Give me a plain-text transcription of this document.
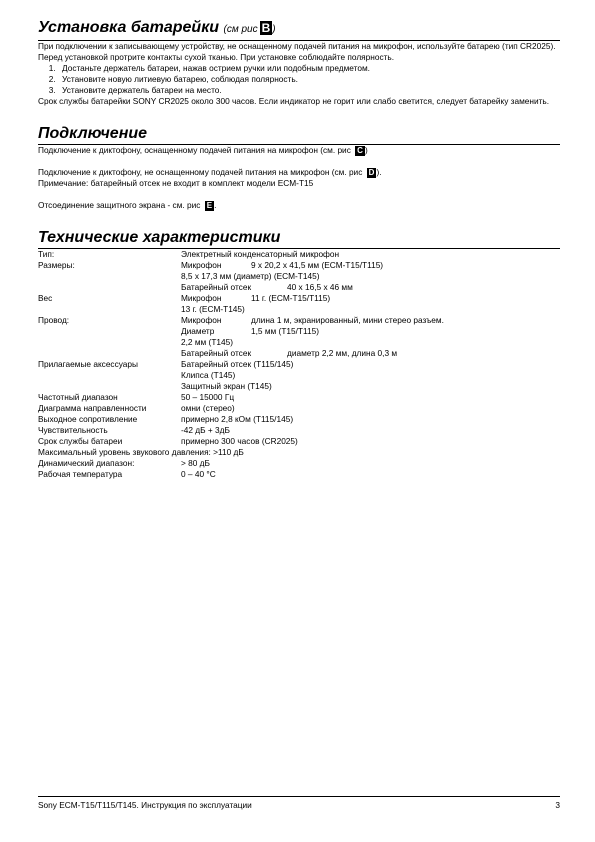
Установка батарейки (см рис B )

При подключении к записывающему устройству, не оснащенному подачей питания на микрофон, используйте батарею (тип CR2025). Перед установкой протрите контакты сухой тканью. При установке соблюдайте полярность.

1. Достаньте держатель батареи, нажав острием ручки или подобным предметом.
2. Установите новую литиевую батарею, соблюдая полярность.
3. Установите держатель батареи на место.

Срок службы батарейки SONY CR2025 около 300 часов. Если индикатор не горит или слабо светится, следует батарейку заменить.

Подключение

Подключение к диктофону, оснащенному подачей питания на микрофон (см. рис C )

Подключение к диктофону, не оснащенному подачей питания на микрофон (см. рис D ).

Примечание: батарейный отсек не входит в комплект модели ECM-T15

Отсоединение защитного экрана - см. рис E .

Технические характеристики
Тип:	Электретный конденсаторный микрофон
Размеры:	Микрофон 9 x 20,2 x 41,5 мм (ECM-T15/T115)
	8,5 x 17,3 мм (диаметр) (ECM-T145)
	Батарейный отсек 40 x 16,5 x 46 мм
Вес	Микрофон 11 г. (ECM-T15/T115)
	13 г. (ECM-T145)
Провод:	Микрофон длина 1 м, экранированный, мини стерео разъем.
	Диаметр 1,5 мм (T15/T115)
	2,2 мм (T145)
	Батарейный отсек диаметр 2,2 мм, длина 0,3 м
Прилагаемые аксессуары	Батарейный отсек (T115/145)
	Клипса (T145)
	Защитный экран (T145)
Частотный диапазон	50 – 15000 Гц
Диаграмма направленности	омни (стерео)
Выходное сопротивление	примерно 2,8 кОм (T115/145)
Чувствительность	-42 дБ + 3дБ
Срок службы батареи	примерно 300 часов (CR2025)
Максимальный уровень звукового давления: >110 дБ	
Динамический диапазон:	> 80 дБ
Рабочая температура	0 – 40 °C
Sony ECM-T15/T115/T145. Инструкция по эксплуатации	3
